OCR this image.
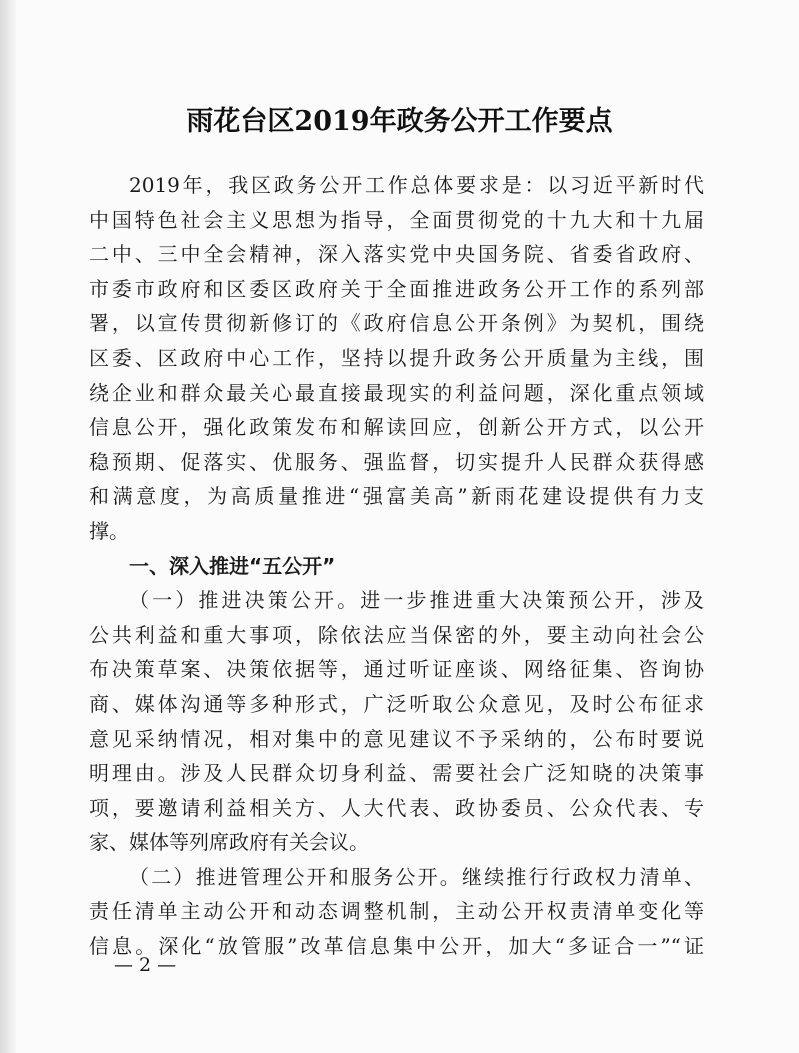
雨花台区2019年政务公开工作要点
2019年，我区政务公开工作总体要求是：以习近平新时代
中国特色社会主义思想为指导，全面贯彻党的十九大和十九届
二中、三中全会精神，深入落实党中央国务院、省委省政府、
市委市政府和区委区政府关于全面推进政务公开工作的系列部
署，以宣传贯彻新修订的《政府信息公开条例》为契机，围绕
区委、区政府中心工作，坚持以提升政务公开质量为主线，围
绕企业和群众最关心最直接最现实的利益问题，深化重点领域
信息公开，强化政策发布和解读回应，创新公开方式，以公开
稳预期、促落实、优服务、强监督，切实提升人民群众获得感
和满意度，为高质量推进“强富美高”新雨花建设提供有力支
撑。
一、深入推进“五公开”
（一）推进决策公开。进一步推进重大决策预公开，涉及
公共利益和重大事项，除依法应当保密的外，要主动向社会公
布决策草案、决策依据等，通过听证座谈、网络征集、咨询协
商、媒体沟通等多种形式，广泛听取公众意见，及时公布征求
意见采纳情况，相对集中的意见建议不予采纳的，公布时要说
明理由。涉及人民群众切身利益、需要社会广泛知晓的决策事
项，要邀请利益相关方、人大代表、政协委员、公众代表、专
家、媒体等列席政府有关会议。
（二）推进管理公开和服务公开。继续推行行政权力清单、
责任清单主动公开和动态调整机制，主动公开权责清单变化等
信息。深化“放管服”改革信息集中公开，加大“多证合一”“证
— 2 —
